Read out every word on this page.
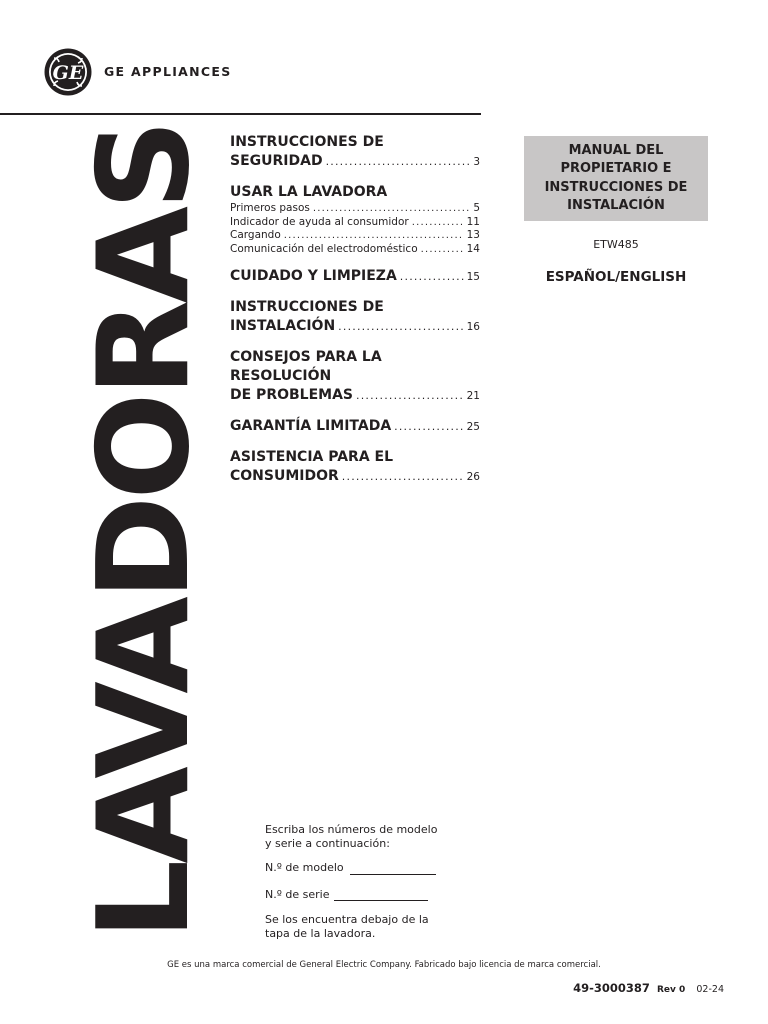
GE GE APPLIANCES
LAVADORAS INSTRUCCIONES DE
SEGURIDAD .....	3
USAR LA LAVADORA
Primeros pasos .....	5
Indicador de ayuda al consumidor .....	11
Cargando .....	13
Comunicación del electrodoméstico .....	14
CUIDADO Y LIMPIEZA .....	15
INSTRUCCIONES DE
INSTALACIÓN .....	16
CONSEJOS PARA LA RESOLUCIÓN
DE PROBLEMAS .....	21
GARANTÍA LIMITADA .....	25
ASISTENCIA PARA EL
CONSUMIDOR .....	26
MANUAL DEL
PROPIETARIO E
INSTRUCCIONES DE
INSTALACIÓN
ETW485
ESPAÑOL/ENGLISH

Escriba los números de modelo

y serie a continuación:

N.º de modelo
N.º de serie

Se los encuentra debajo de la

tapa de la lavadora.

GE es una marca comercial de General Electric Company. Fabricado bajo licencia de marca comercial.
49-3000387 Rev 0 02-24
